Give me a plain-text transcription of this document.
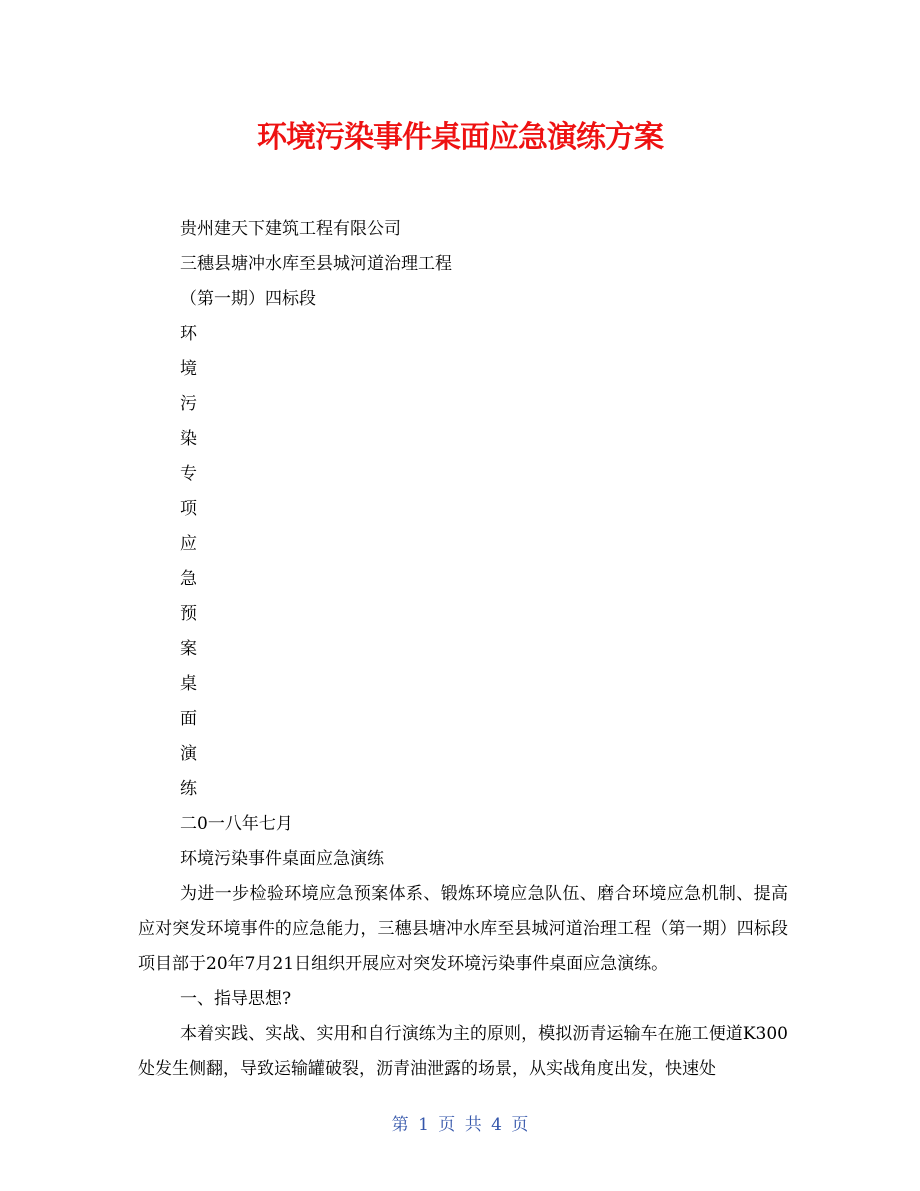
环境污染事件桌面应急演练方案
贵州建天下建筑工程有限公司
三穗县塘冲水库至县城河道治理工程
（第一期）四标段
环
境
污
染
专
项
应
急
预
案
桌
面
演
练
二0一八年七月
环境污染事件桌面应急演练

为进一步检验环境应急预案体系、锻炼环境应急队伍、磨合环境应急机制、提高应对突发环境事件的应急能力，三穗县塘冲水库至县城河道治理工程（第一期）四标段项目部于20年7月21日组织开展应对突发环境污染事件桌面应急演练。

一、指导思想?

本着实践、实战、实用和自行演练为主的原则，模拟沥青运输车在施工便道K300处发生侧翻，导致运输罐破裂，沥青油泄露的场景，从实战角度出发，快速处

第 1 页 共 4 页
